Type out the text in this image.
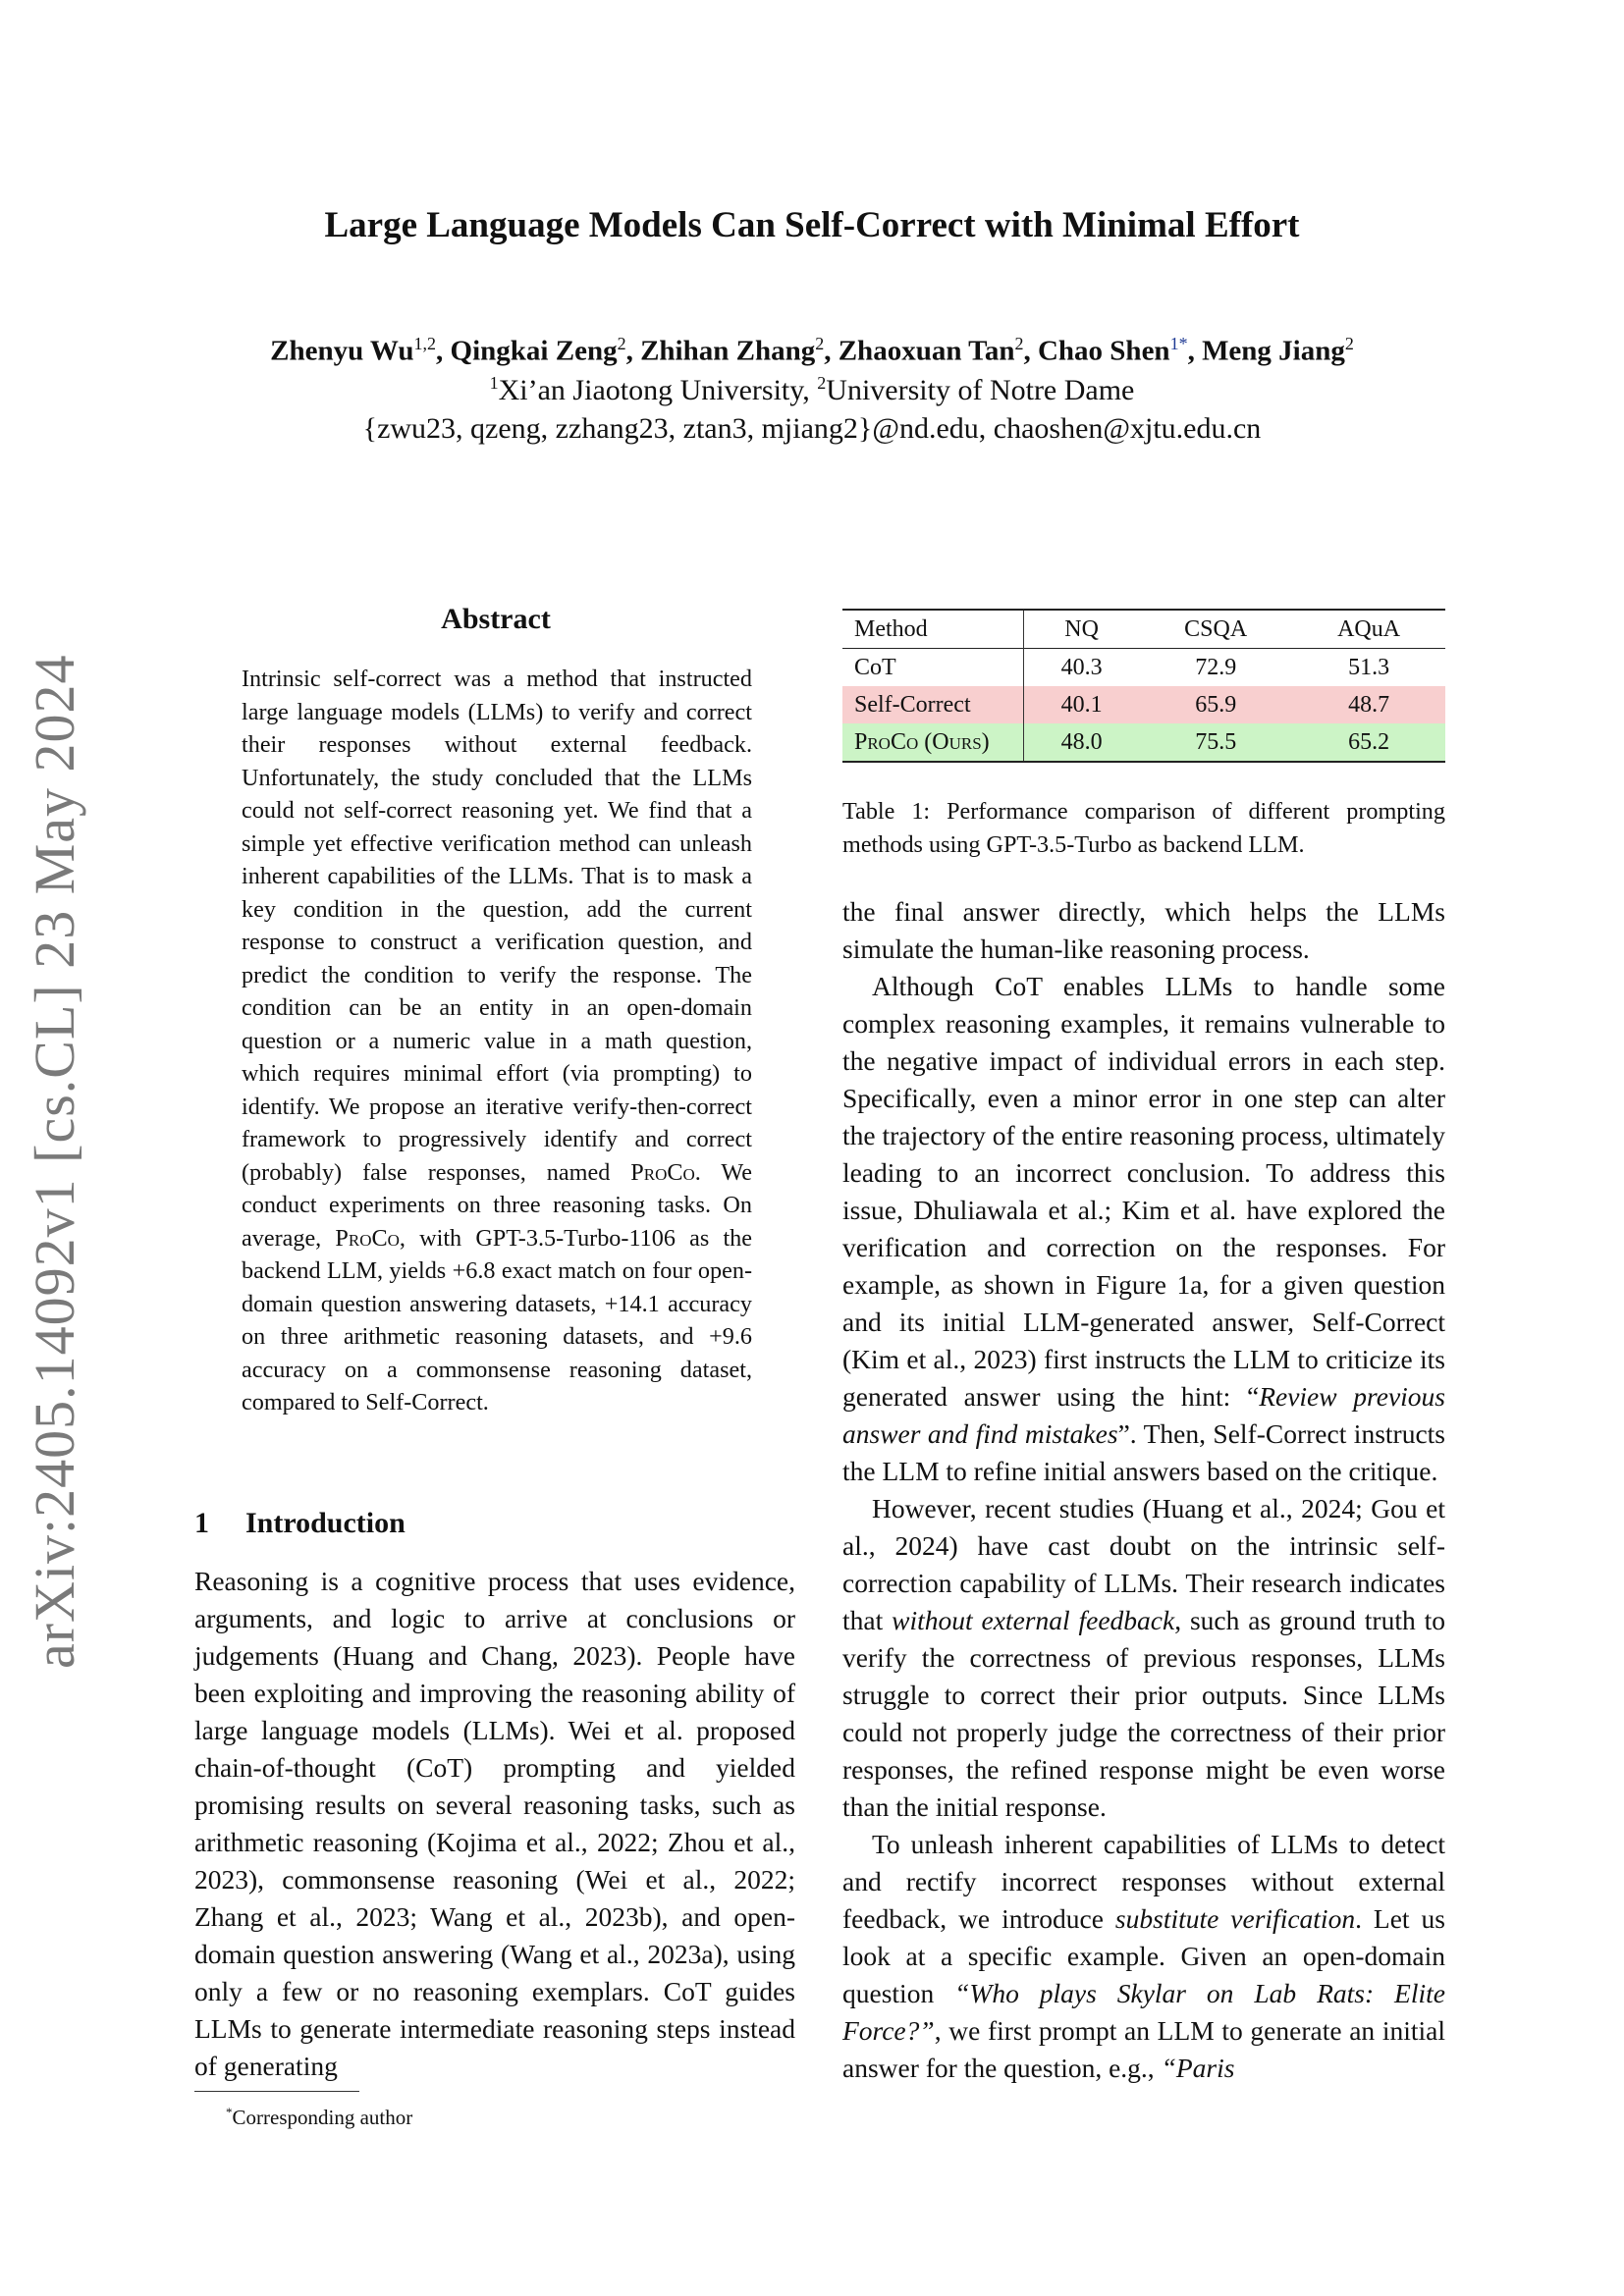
arXiv:2405.14092v1 [cs.CL] 23 May 2024
Large Language Models Can Self-Correct with Minimal Effort
Zhenyu Wu$^{1,2}$, Qingkai Zeng$^2$, Zhihan Zhang$^2$, Zhaoxuan Tan$^2$, Chao Shen$^{1*}$, Meng Jiang$^2$
$^1$Xi’an Jiaotong University, $^2$University of Notre Dame
{zwu23, qzeng, zzhang23, ztan3, mjiang2}@nd.edu, chaoshen@xjtu.edu.cn
Abstract
Intrinsic self-correct was a method that instructed large language models (LLMs) to verify and correct their responses without external feedback. Unfortunately, the study concluded that the LLMs could not self-correct reasoning yet. We find that a simple yet effective verification method can unleash inherent capabilities of the LLMs. That is to mask a key condition in the question, add the current response to construct a verification question, and predict the condition to verify the response. The condition can be an entity in an open-domain question or a numeric value in a math question, which requires minimal effort (via prompting) to identify. We propose an iterative verify-then-correct framework to progressively identify and correct (probably) false responses, named ProCo. We conduct experiments on three reasoning tasks. On average, ProCo, with GPT-3.5-Turbo-1106 as the backend LLM, yields +6.8 exact match on four open-domain question answering datasets, +14.1 accuracy on three arithmetic reasoning datasets, and +9.6 accuracy on a commonsense reasoning dataset, compared to Self-Correct.
1 Introduction

Reasoning is a cognitive process that uses evidence, arguments, and logic to arrive at conclusions or judgements (Huang and Chang, 2023). People have been exploiting and improving the reasoning ability of large language models (LLMs). Wei et al. proposed chain-of-thought (CoT) prompting and yielded promising results on several reasoning tasks, such as arithmetic reasoning (Kojima et al., 2022; Zhou et al., 2023), commonsense reasoning (Wei et al., 2022; Zhang et al., 2023; Wang et al., 2023b), and open-domain question answering (Wang et al., 2023a), using only a few or no reasoning exemplars. CoT guides LLMs to generate intermediate reasoning steps instead of generating

*Corresponding author
Method	NQ	CSQA	AQuA
CoT	40.3	72.9	51.3
Self-Correct	40.1	65.9	48.7
ProCo (Ours)	48.0	75.5	65.2
Table 1: Performance comparison of different prompting methods using GPT-3.5-Turbo as backend LLM.

the final answer directly, which helps the LLMs simulate the human-like reasoning process.

Although CoT enables LLMs to handle some complex reasoning examples, it remains vulnerable to the negative impact of individual errors in each step. Specifically, even a minor error in one step can alter the trajectory of the entire reasoning process, ultimately leading to an incorrect conclusion. To address this issue, Dhuliawala et al.; Kim et al. have explored the verification and correction on the responses. For example, as shown in Figure 1a, for a given question and its initial LLM-generated answer, Self-Correct (Kim et al., 2023) first instructs the LLM to criticize its generated answer using the hint: “Review previous answer and find mistakes”. Then, Self-Correct instructs the LLM to refine initial answers based on the critique.

However, recent studies (Huang et al., 2024; Gou et al., 2024) have cast doubt on the intrinsic self-correction capability of LLMs. Their research indicates that without external feedback, such as ground truth to verify the correctness of previous responses, LLMs struggle to correct their prior outputs. Since LLMs could not properly judge the correctness of their prior responses, the refined response might be even worse than the initial response.

To unleash inherent capabilities of LLMs to detect and rectify incorrect responses without external feedback, we introduce substitute verification. Let us look at a specific example. Given an open-domain question “Who plays Skylar on Lab Rats: Elite Force?”, we first prompt an LLM to generate an initial answer for the question, e.g., “Paris
